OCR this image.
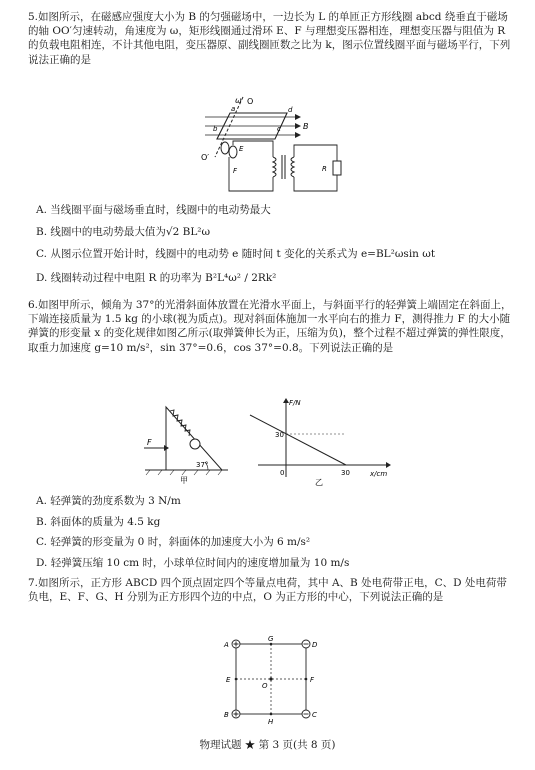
5.如图所示，在磁感应强度大小为 B 的匀强磁场中，一边长为 L 的单匝正方形线圈 abcd 绕垂直于磁场的轴 OO′匀速转动，角速度为 ω，矩形线圈通过滑环 E、F 与理想变压器相连，理想变压器与阻值为 R 的负载电阻相连，不计其他电阻，变压器原、副线圈匝数之比为 k，图示位置线圈平面与磁场平行，下列说法正确的是

O
O′
ω
B
a
b	c
d
E
F	R
A. 当线圈平面与磁场垂直时，线圈中的电动势最大
B. 线圈中的电动势最大值为√2 BL²ω
C. 从图示位置开始计时，线圈中的电动势 e 随时间 t 变化的关系式为 e=BL²ωsin ωt
D. 线圈转动过程中电阻 R 的功率为 B²L⁴ω² / 2Rk²

6.如图甲所示，倾角为 37°的光滑斜面体放置在光滑水平面上，与斜面平行的轻弹簧上端固定在斜面上，下端连接质量为 1.5 kg 的小球(视为质点)。现对斜面体施加一水平向右的推力 F，测得推力 F 的大小随弹簧的形变量 x 的变化规律如图乙所示(取弹簧伸长为正，压缩为负)，整个过程不超过弹簧的弹性限度，取重力加速度 g=10 m/s²，sin 37°=0.6，cos 37°=0.8。下列说法正确的是

F
37°
甲
F/N
x/cm
30
0	30
乙
A. 轻弹簧的劲度系数为 3 N/m
B. 斜面体的质量为 4.5 kg
C. 轻弹簧的形变量为 0 时，斜面体的加速度大小为 6 m/s²
D. 轻弹簧压缩 10 cm 时，小球单位时间内的速度增加量为 10 m/s

7.如图所示，正方形 ABCD 四个顶点固定四个等量点电荷，其中 A、B 处电荷带正电，C、D 处电荷带负电，E、F、G、H 分别为正方形四个边的中点，O 为正方形的中心，下列说法正确的是

A
B	C
D
E	F
G
H
O
物理试题 ★ 第 3 页(共 8 页)
